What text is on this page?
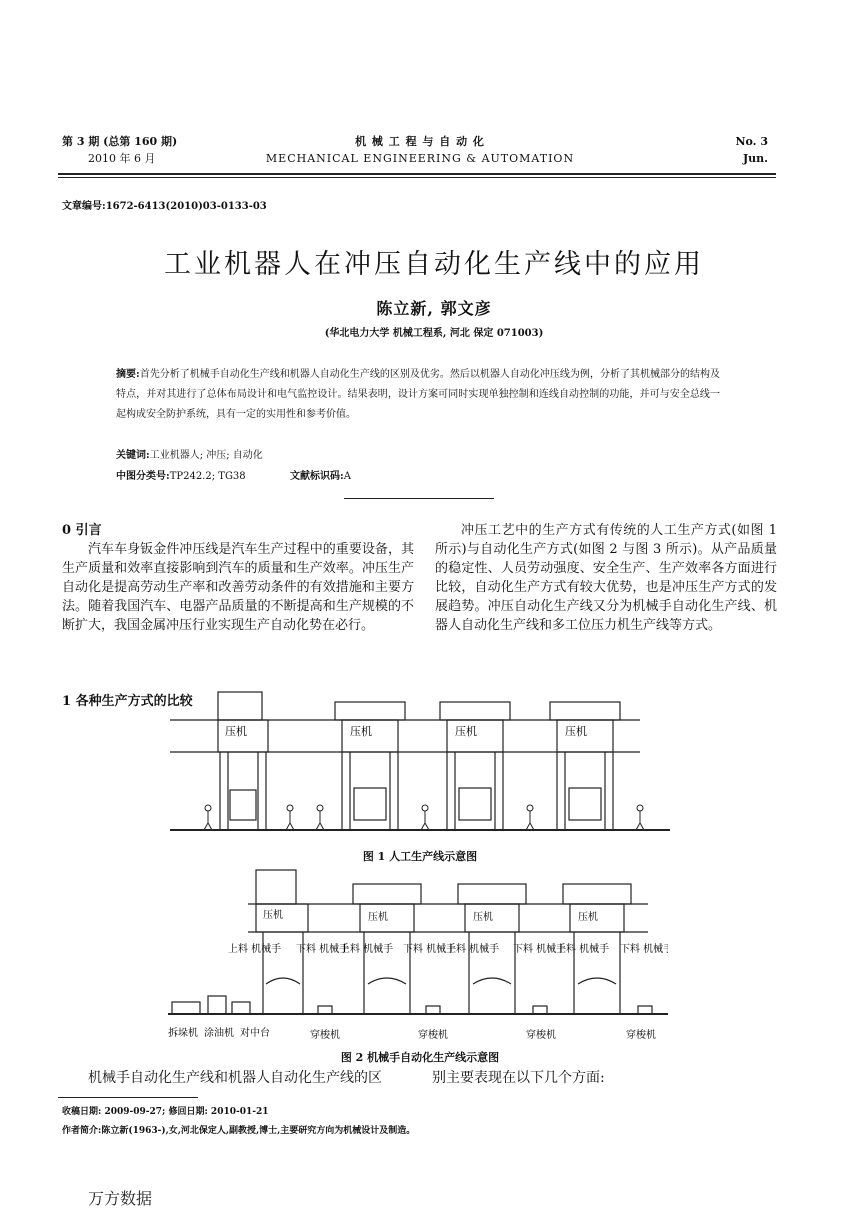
第 3 期 (总第 160 期)
2010 年 6 月
机 械 工 程 与 自 动 化
MECHANICAL ENGINEERING & AUTOMATION
No. 3
Jun.
文章编号:1672-6413(2010)03-0133-03
工业机器人在冲压自动化生产线中的应用
陈立新, 郭文彦
(华北电力大学 机械工程系, 河北 保定 071003)
摘要:首先分析了机械手自动化生产线和机器人自动化生产线的区别及优劣。然后以机器人自动化冲压线为例，分析了其机械部分的结构及特点，并对其进行了总体布局设计和电气监控设计。结果表明，设计方案可同时实现单独控制和连线自动控制的功能，并可与安全总线一起构成安全防护系统，具有一定的实用性和参考价值。
关键词:工业机器人; 冲压; 自动化
中图分类号:TP242.2; TG38	文献标识码:A
0 引言

汽车车身钣金件冲压线是汽车生产过程中的重要设备，其生产质量和效率直接影响到汽车的质量和生产效率。冲压生产自动化是提高劳动生产率和改善劳动条件的有效措施和主要方法。随着我国汽车、电器产品质量的不断提高和生产规模的不断扩大，我国金属冲压行业实现生产自动化势在必行。

冲压工艺中的生产方式有传统的人工生产方式(如图 1 所示)与自动化生产方式(如图 2 与图 3 所示)。从产品质量的稳定性、人员劳动强度、安全生产、生产效率各方面进行比较，自动化生产方式有较大优势，也是冲压生产方式的发展趋势。冲压自动化生产线又分为机械手自动化生产线、机器人自动化生产线和多工位压力机生产线等方式。

1 各种生产方式的比较
压机	压机	压机	压机
图 1 人工生产线示意图
压机	压机	压机	压机
上料 机械手 下料 机械手
上料 机械手 下料 机械手
上料 机械手 下料 机械手
上料 机械手 下料 机械手
拆垛机 涂油机 对中台	穿梭机	穿梭机	穿梭机	穿梭机
图 2 机械手自动化生产线示意图
机械手自动化生产线和机器人自动化生产线的区	别主要表现在以下几个方面:
收稿日期: 2009-09-27; 修回日期: 2010-01-21
作者简介:陈立新(1963-),女,河北保定人,副教授,博士,主要研究方向为机械设计及制造。
万方数据
